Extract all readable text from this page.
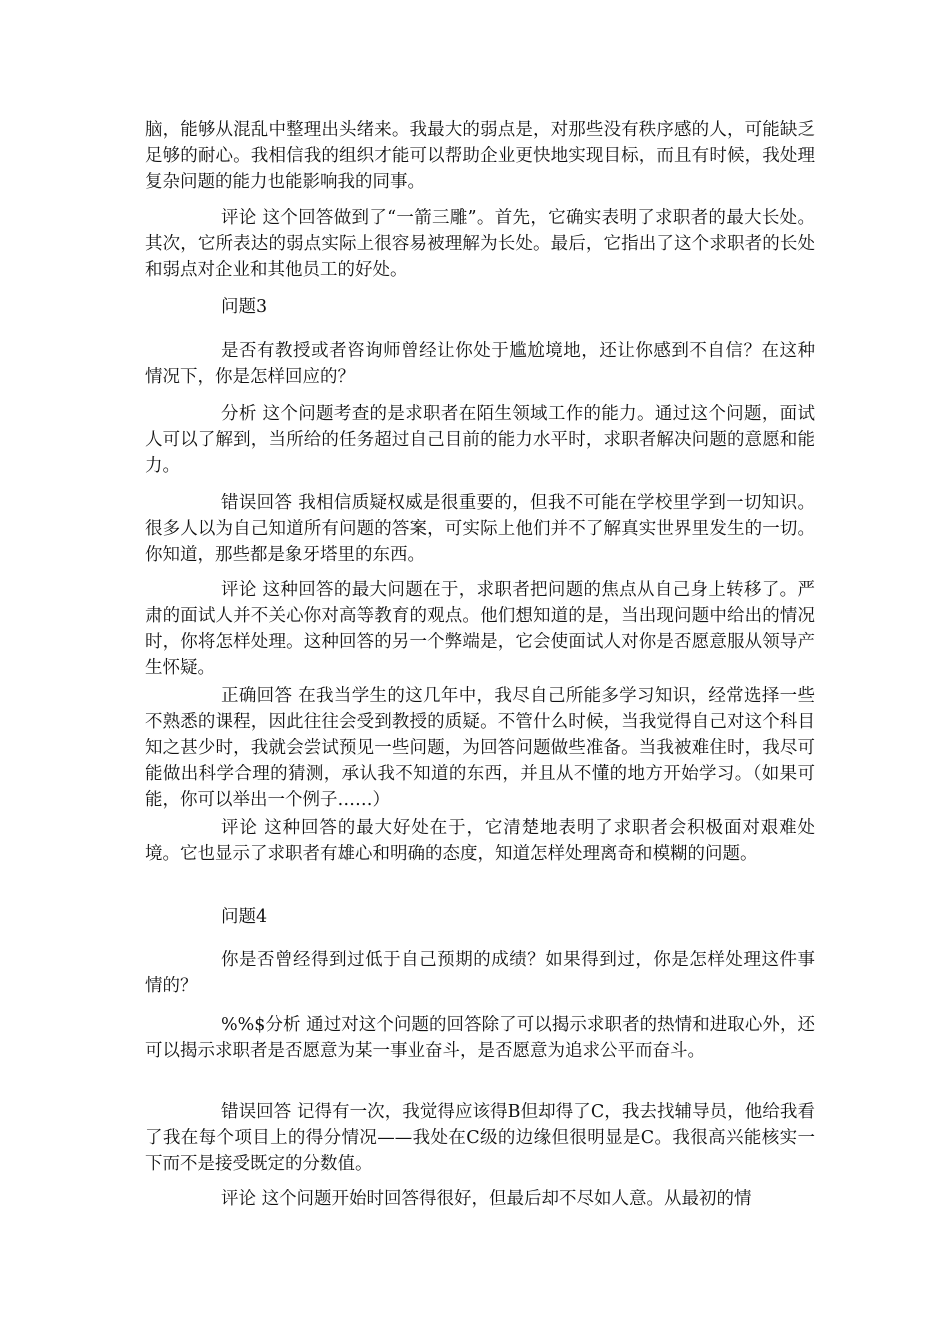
脑，能够从混乱中整理出头绪来。我最大的弱点是，对那些没有秩序感的人，可能缺乏足够的耐心。我相信我的组织才能可以帮助企业更快地实现目标，而且有时候，我处理复杂问题的能力也能影响我的同事。

评论 这个回答做到了“一箭三雕”。首先，它确实表明了求职者的最大长处。其次，它所表达的弱点实际上很容易被理解为长处。最后，它指出了这个求职者的长处和弱点对企业和其他员工的好处。

问题3

是否有教授或者咨询师曾经让你处于尴尬境地，还让你感到不自信？在这种情况下，你是怎样回应的？

分析 这个问题考查的是求职者在陌生领域工作的能力。通过这个问题，面试人可以了解到，当所给的任务超过自己目前的能力水平时，求职者解决问题的意愿和能力。

错误回答 我相信质疑权威是很重要的，但我不可能在学校里学到一切知识。很多人以为自己知道所有问题的答案，可实际上他们并不了解真实世界里发生的一切。你知道，那些都是象牙塔里的东西。

评论 这种回答的最大问题在于，求职者把问题的焦点从自己身上转移了。严肃的面试人并不关心你对高等教育的观点。他们想知道的是，当出现问题中给出的情况时，你将怎样处理。这种回答的另一个弊端是，它会使面试人对你是否愿意服从领导产生怀疑。

正确回答 在我当学生的这几年中，我尽自己所能多学习知识，经常选择一些不熟悉的课程，因此往往会受到教授的质疑。不管什么时候，当我觉得自己对这个科目知之甚少时，我就会尝试预见一些问题，为回答问题做些准备。当我被难住时，我尽可能做出科学合理的猜测，承认我不知道的东西，并且从不懂的地方开始学习。（如果可能，你可以举出一个例子……）

评论 这种回答的最大好处在于，它清楚地表明了求职者会积极面对艰难处境。它也显示了求职者有雄心和明确的态度，知道怎样处理离奇和模糊的问题。

问题4

你是否曾经得到过低于自己预期的成绩？如果得到过，你是怎样处理这件事情的？

%%$分析 通过对这个问题的回答除了可以揭示求职者的热情和进取心外，还可以揭示求职者是否愿意为某一事业奋斗，是否愿意为追求公平而奋斗。

错误回答 记得有一次，我觉得应该得B但却得了C，我去找辅导员，他给我看了我在每个项目上的得分情况——我处在C级的边缘但很明显是C。我很高兴能核实一下而不是接受既定的分数值。

评论 这个问题开始时回答得很好，但最后却不尽如人意。从最初的情
